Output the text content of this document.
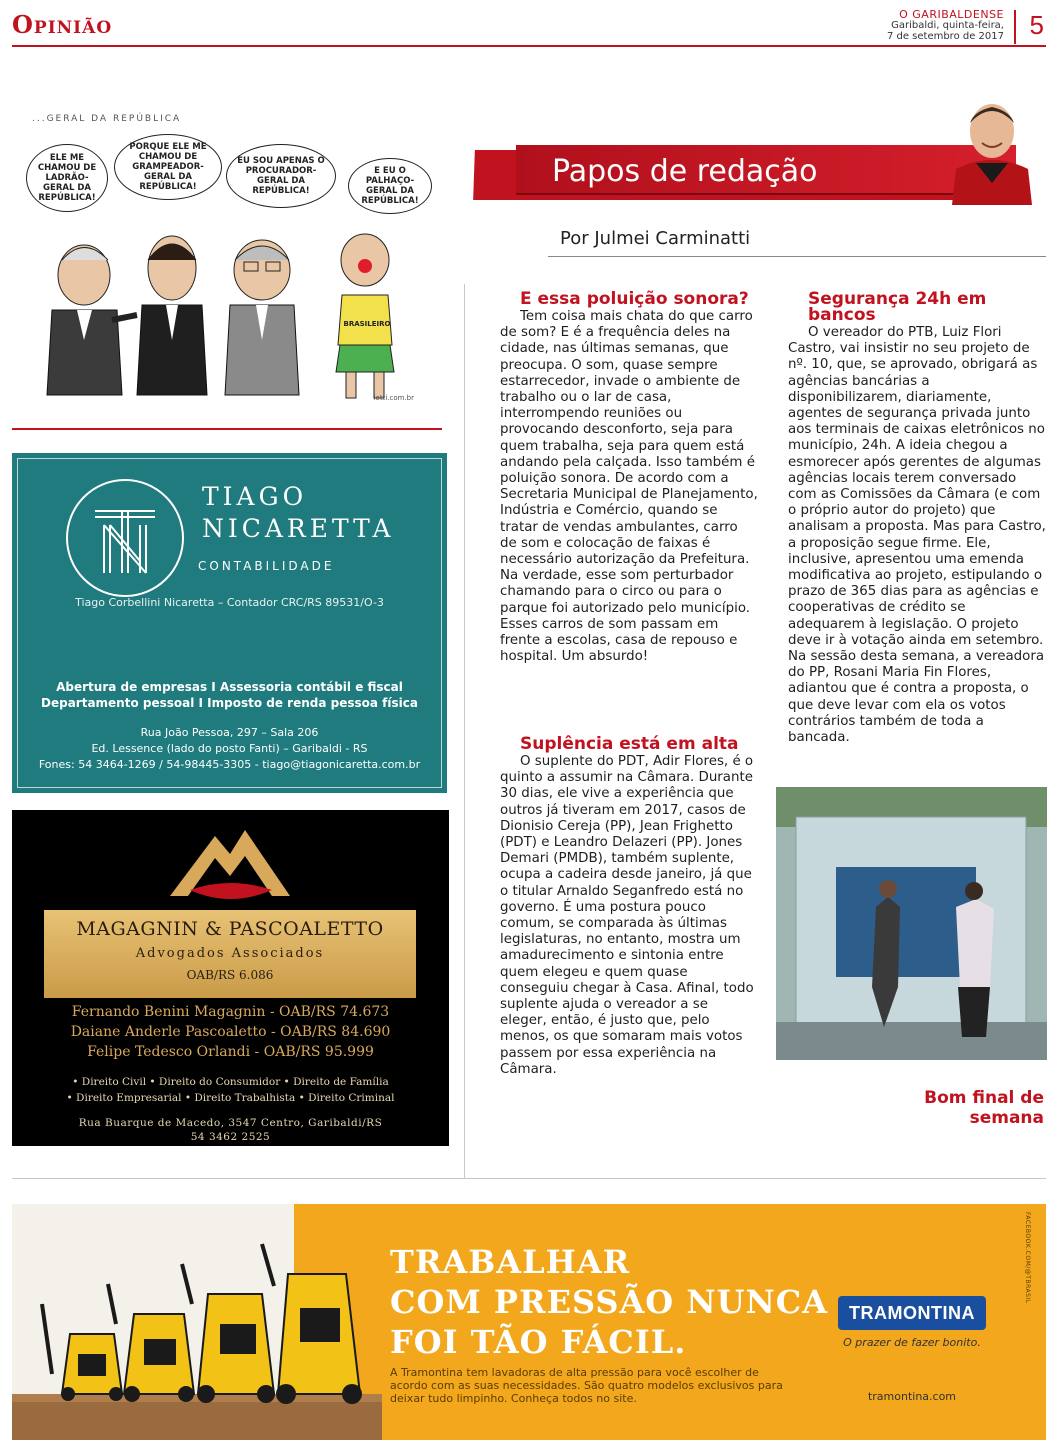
Opinião	O GARIBALDENSE
Garibaldi, quinta-feira,
7 de setembro de 2017 5
...GERAL DA REPÚBLICA
ELE ME CHAMOU DE LADRÃO-GERAL DA REPÚBLICA!
PORQUE ELE ME CHAMOU DE GRAMPEADOR-GERAL DA REPÚBLICA!
EU SOU APENAS O PROCURADOR-GERAL DA REPÚBLICA!
E EU O PALHAÇO-GERAL DA REPÚBLICA!
BRASILEIRO
iotti.com.br
Papos de redação
Por Julmei Carminatti
TIAGO
NICARETTA
CONTABILIDADE
Tiago Corbellini Nicaretta – Contador CRC/RS 89531/O-3
Abertura de empresas I Assessoria contábil e fiscal
Departamento pessoal I Imposto de renda pessoa física
Rua João Pessoa, 297 – Sala 206
Ed. Lessence (lado do posto Fanti) – Garibaldi - RS
Fones: 54 3464-1269 / 54-98445-3305 - tiago@tiagonicaretta.com.br
MAGAGNIN & PASCOALETTO
Advogados Associados
OAB/RS 6.086
Fernando Benini Magagnin - OAB/RS 74.673
Daiane Anderle Pascoaletto - OAB/RS 84.690
Felipe Tedesco Orlandi - OAB/RS 95.999
• Direito Civil • Direito do Consumidor • Direito de Família
• Direito Empresarial • Direito Trabalhista • Direito Criminal
Rua Buarque de Macedo, 3547 Centro, Garibaldi/RS
54 3462 2525
E essa poluição sonora?

Tem coisa mais chata do que carro de som? E é a frequência deles na cidade, nas últimas semanas, que preocupa. O som, quase sempre estarrecedor, invade o ambiente de trabalho ou o lar de casa, interrompendo reuniões ou provocando desconforto, seja para quem trabalha, seja para quem está andando pela calçada. Isso também é poluição sonora. De acordo com a Secretaria Municipal de Planejamento, Indústria e Comércio, quando se tratar de vendas ambulantes, carro de som e colocação de faixas é necessário autorização da Prefeitura. Na verdade, esse som perturbador chamando para o circo ou para o parque foi autorizado pelo município. Esses carros de som passam em frente a escolas, casa de repouso e hospital. Um absurdo!

Suplência está em alta

O suplente do PDT, Adir Flores, é o quinto a assumir na Câmara. Durante 30 dias, ele vive a experiência que outros já tiveram em 2017, casos de Dionisio Cereja (PP), Jean Frighetto (PDT) e Leandro Delazeri (PP). Jones Demari (PMDB), também suplente, ocupa a cadeira desde janeiro, já que o titular Arnaldo Seganfredo está no governo. É uma postura pouco comum, se comparada às últimas legislaturas, no entanto, mostra um amadurecimento e sintonia entre quem elegeu e quem quase conseguiu chegar à Casa. Afinal, todo suplente ajuda o vereador a se eleger, então, é justo que, pelo menos, os que somaram mais votos passem por essa experiência na Câmara.

Segurança 24h em bancos

O vereador do PTB, Luiz Flori Castro, vai insistir no seu projeto de nº. 10, que, se aprovado, obrigará as agências bancárias a disponibilizarem, diariamente, agentes de segurança privada junto aos terminais de caixas eletrônicos no município, 24h. A ideia chegou a esmorecer após gerentes de algumas agências locais terem conversado com as Comissões da Câmara (e com o próprio autor do projeto) que analisam a proposta. Mas para Castro, a proposição segue firme. Ele, inclusive, apresentou uma emenda modificativa ao projeto, estipulando o prazo de 365 dias para as agências e cooperativas de crédito se adequarem à legislação. O projeto deve ir à votação ainda em setembro. Na sessão desta semana, a vereadora do PP, Rosani Maria Fin Flores, adiantou que é contra a proposta, o que deve levar com ela os votos contrários também de toda a bancada.

Bom final de semana
TRABALHAR
COM PRESSÃO NUNCA
FOI TÃO FÁCIL.
A Tramontina tem lavadoras de alta pressão para você escolher de acordo com as suas necessidades. São quatro modelos exclusivos para deixar tudo limpinho. Conheça todos no site.
TRAMONTINA
O prazer de fazer bonito.
tramontina.com
FACEBOOK.COM/@TBRASIL
